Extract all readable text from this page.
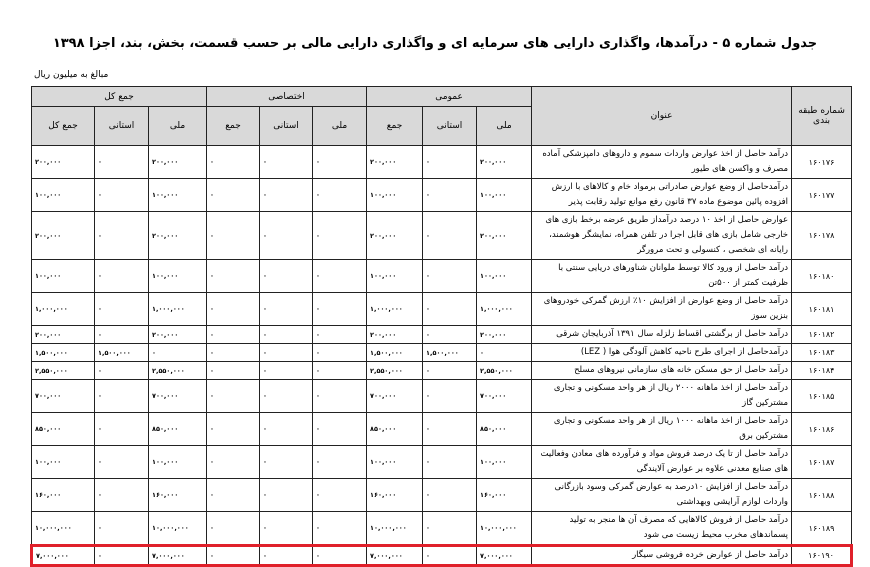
جدول شماره ۵ - درآمدها، واگذاری دارایی های سرمایه ای و واگذاری دارایی مالی بر حسب قسمت، بخش، بند، اجزا ۱۳۹۸
مبالغ به میلیون ریال
شماره طبقه بندی	عنوان	عمومی			اختصاصی			جمع کل		
		ملی	استانی	جمع	ملی	استانی	جمع	ملی	استانی	جمع کل
۱۶۰۱۷۶	درآمد حاصل از اخذ عوارض واردات سموم و داروهای دامپزشکی آماده مصرف و واکسن های طیور	۲۰۰,۰۰۰	۰	۲۰۰,۰۰۰	۰	۰	۰	۲۰۰,۰۰۰	۰	۲۰۰,۰۰۰
۱۶۰۱۷۷	درآمدحاصل از وضع عوارض صادراتی برمواد خام و کالاهای با ارزش افزوده پائین موضوع ماده ۳۷ قانون رفع موانع تولید رقابت پذیر	۱۰۰,۰۰۰	۰	۱۰۰,۰۰۰	۰	۰	۰	۱۰۰,۰۰۰	۰	۱۰۰,۰۰۰
۱۶۰۱۷۸	عوارض حاصل از اخذ ۱۰ درصد درآمداز طریق عرضه برخط بازی های خارجی شامل بازی های قابل اجرا در تلفن همراه، نمایشگر هوشمند، رایانه ای شخصی ، کنسولی و تحت مرورگر	۲۰۰,۰۰۰	۰	۲۰۰,۰۰۰	۰	۰	۰	۲۰۰,۰۰۰	۰	۲۰۰,۰۰۰
۱۶۰۱۸۰	درآمد حاصل از ورود کالا توسط ملوانان شناورهای دریایی سنتی با ظرفیت کمتر از ۵۰۰تن	۱۰۰,۰۰۰	۰	۱۰۰,۰۰۰	۰	۰	۰	۱۰۰,۰۰۰	۰	۱۰۰,۰۰۰
۱۶۰۱۸۱	درآمد حاصل از وضع عوارض از افزایش ۱۰٪ ارزش گمرکی خودروهای بنزین سوز	۱,۰۰۰,۰۰۰	۰	۱,۰۰۰,۰۰۰	۰	۰	۰	۱,۰۰۰,۰۰۰	۰	۱,۰۰۰,۰۰۰
۱۶۰۱۸۲	درآمد حاصل از برگشتی اقساط زلزله سال ۱۳۹۱ آذربایجان شرقی	۲۰۰,۰۰۰	۰	۲۰۰,۰۰۰	۰	۰	۰	۲۰۰,۰۰۰	۰	۲۰۰,۰۰۰
۱۶۰۱۸۳	درآمدحاصل از اجرای طرح ناحیه کاهش آلودگی هوا ( LEZ)	۰	۱,۵۰۰,۰۰۰	۱,۵۰۰,۰۰۰	۰	۰	۰	۰	۱,۵۰۰,۰۰۰	۱,۵۰۰,۰۰۰
۱۶۰۱۸۴	درآمد حاصل از حق مسکن خانه های سازمانی نیروهای مسلح	۲,۵۵۰,۰۰۰	۰	۲,۵۵۰,۰۰۰	۰	۰	۰	۲,۵۵۰,۰۰۰	۰	۲,۵۵۰,۰۰۰
۱۶۰۱۸۵	درآمد حاصل از اخذ ماهانه ۲۰۰۰ ریال از هر واحد مسکونی و تجاری مشترکین گاز	۷۰۰,۰۰۰	۰	۷۰۰,۰۰۰	۰	۰	۰	۷۰۰,۰۰۰	۰	۷۰۰,۰۰۰
۱۶۰۱۸۶	درآمد حاصل از اخذ ماهانه ۱۰۰۰ ریال از هر واحد مسکونی و تجاری مشترکین برق	۸۵۰,۰۰۰	۰	۸۵۰,۰۰۰	۰	۰	۰	۸۵۰,۰۰۰	۰	۸۵۰,۰۰۰
۱۶۰۱۸۷	درآمد حاصل از تا یک درصد فروش مواد و فرآورده های معادن وفعالیت های صنایع معدنی علاوه بر عوارض آلایندگی	۱۰۰,۰۰۰	۰	۱۰۰,۰۰۰	۰	۰	۰	۱۰۰,۰۰۰	۰	۱۰۰,۰۰۰
۱۶۰۱۸۸	درآمد حاصل از افزایش ۱۰درصد به عوارض گمرکی وسود بازرگانی واردات لوازم آرایشی وبهداشتی	۱۶۰,۰۰۰	۰	۱۶۰,۰۰۰	۰	۰	۰	۱۶۰,۰۰۰	۰	۱۶۰,۰۰۰
۱۶۰۱۸۹	درآمد حاصل از فروش کالاهایی که مصرف آن ها منجر به تولید پسماندهای مخرب محیط زیست می شود	۱۰,۰۰۰,۰۰۰	۰	۱۰,۰۰۰,۰۰۰	۰	۰	۰	۱۰,۰۰۰,۰۰۰	۰	۱۰,۰۰۰,۰۰۰
۱۶۰۱۹۰	درآمد حاصل از عوارض خرده فروشی سیگار	۷,۰۰۰,۰۰۰	۰	۷,۰۰۰,۰۰۰	۰	۰	۰	۷,۰۰۰,۰۰۰	۰	۷,۰۰۰,۰۰۰
